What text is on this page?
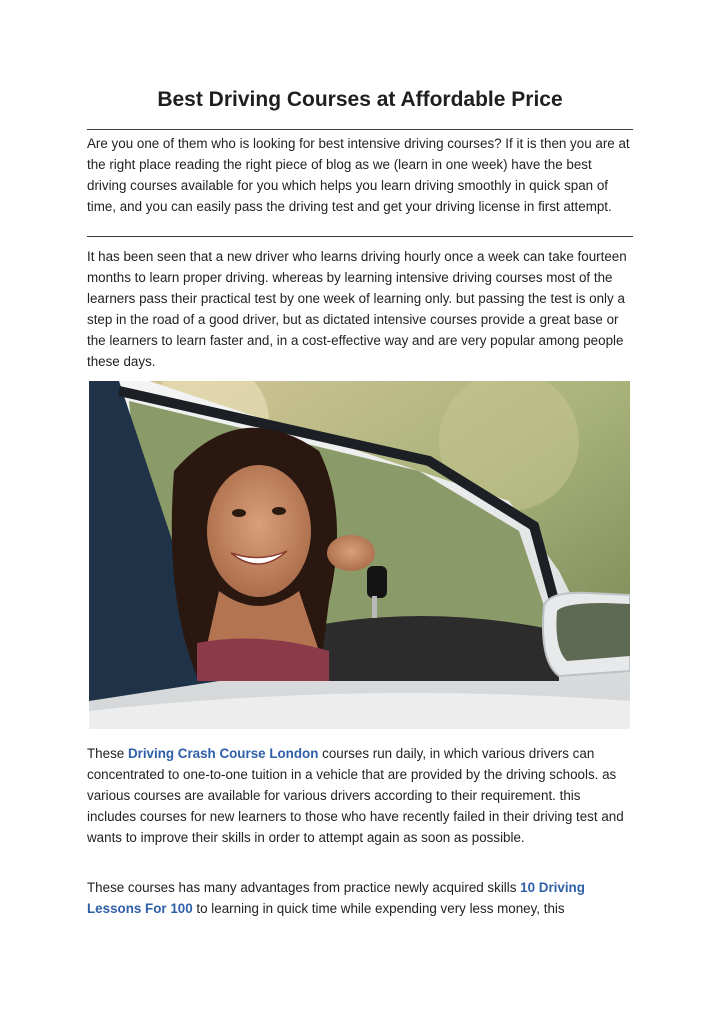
Best Driving Courses at Affordable Price

Are you one of them who is looking for best intensive driving courses? If it is then you are at the right place reading the right piece of blog as we (learn in one week) have the best driving courses available for you which helps you learn driving smoothly in quick span of time, and you can easily pass the driving test and get your driving license in first attempt.

It has been seen that a new driver who learns driving hourly once a week can take fourteen months to learn proper driving. whereas by learning intensive driving courses most of the learners pass their practical test by one week of learning only. but passing the test is only a step in the road of a good driver, but as dictated intensive courses provide a great base or the learners to learn faster and, in a cost-effective way and are very popular among people these days.

These Driving Crash Course London courses run daily, in which various drivers can concentrated to one-to-one tuition in a vehicle that are provided by the driving schools. as various courses are available for various drivers according to their requirement. this includes courses for new learners to those who have recently failed in their driving test and wants to improve their skills in order to attempt again as soon as possible.

These courses has many advantages from practice newly acquired skills 10 Driving Lessons For 100 to learning in quick time while expending very less money, this
